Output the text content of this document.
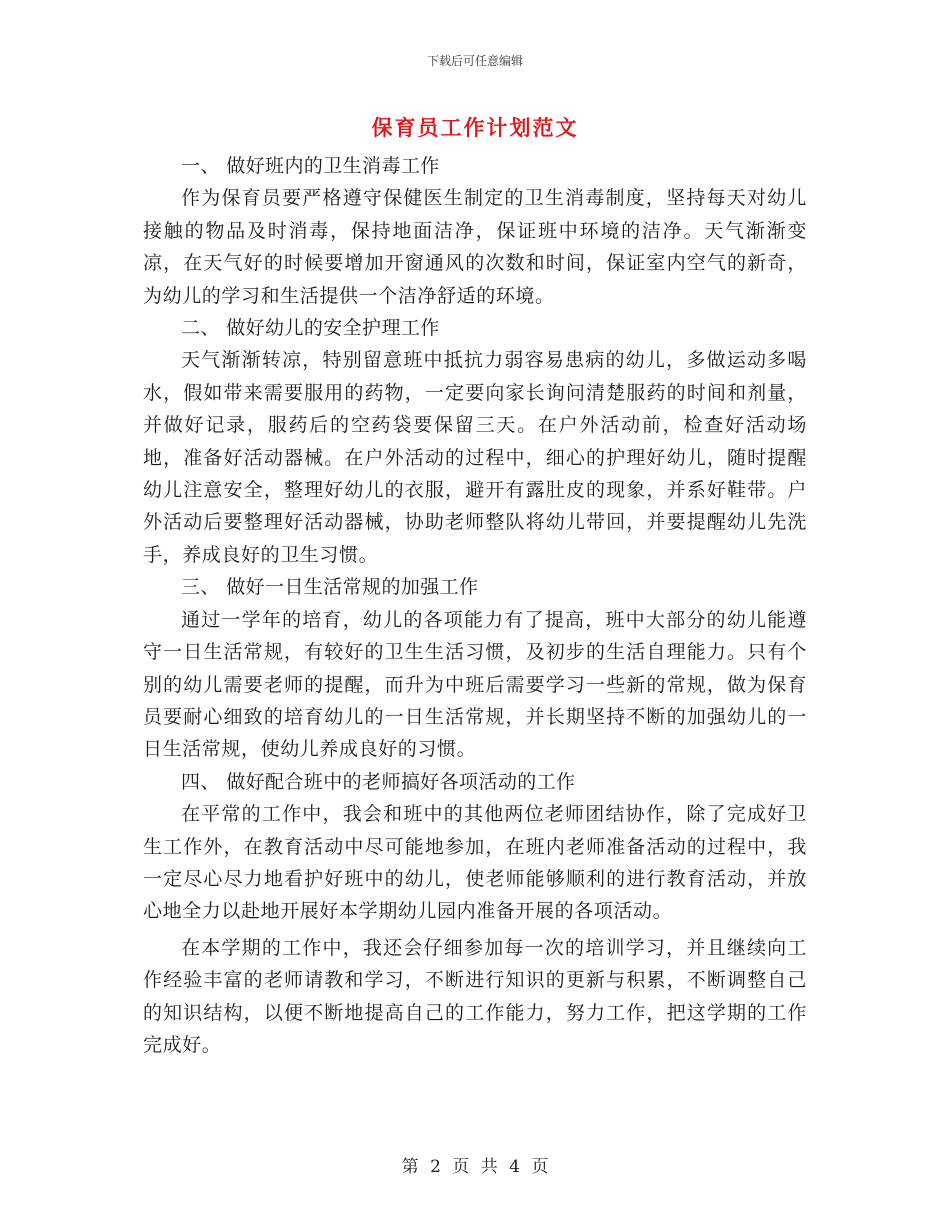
下载后可任意编辑
保育员工作计划范文

一、 做好班内的卫生消毒工作

作为保育员要严格遵守保健医生制定的卫生消毒制度，坚持每天对幼儿接触的物品及时消毒，保持地面洁净，保证班中环境的洁净。天气渐渐变凉，在天气好的时候要增加开窗通风的次数和时间，保证室内空气的新奇，为幼儿的学习和生活提供一个洁净舒适的环境。

二、 做好幼儿的安全护理工作

天气渐渐转凉，特别留意班中抵抗力弱容易患病的幼儿，多做运动多喝水，假如带来需要服用的药物，一定要向家长询问清楚服药的时间和剂量，并做好记录，服药后的空药袋要保留三天。在户外活动前，检查好活动场地，准备好活动器械。在户外活动的过程中，细心的护理好幼儿，随时提醒幼儿注意安全，整理好幼儿的衣服，避开有露肚皮的现象，并系好鞋带。户外活动后要整理好活动器械，协助老师整队将幼儿带回，并要提醒幼儿先洗手，养成良好的卫生习惯。

三、 做好一日生活常规的加强工作

通过一学年的培育，幼儿的各项能力有了提高，班中大部分的幼儿能遵守一日生活常规，有较好的卫生生活习惯，及初步的生活自理能力。只有个别的幼儿需要老师的提醒，而升为中班后需要学习一些新的常规，做为保育员要耐心细致的培育幼儿的一日生活常规，并长期坚持不断的加强幼儿的一日生活常规，使幼儿养成良好的习惯。

四、 做好配合班中的老师搞好各项活动的工作

在平常的工作中，我会和班中的其他两位老师团结协作，除了完成好卫生工作外，在教育活动中尽可能地参加，在班内老师准备活动的过程中，我一定尽心尽力地看护好班中的幼儿，使老师能够顺利的进行教育活动，并放心地全力以赴地开展好本学期幼儿园内准备开展的各项活动。

在本学期的工作中，我还会仔细参加每一次的培训学习，并且继续向工作经验丰富的老师请教和学习，不断进行知识的更新与积累，不断调整自己的知识结构，以便不断地提高自己的工作能力，努力工作，把这学期的工作完成好。

第 2 页 共 4 页
